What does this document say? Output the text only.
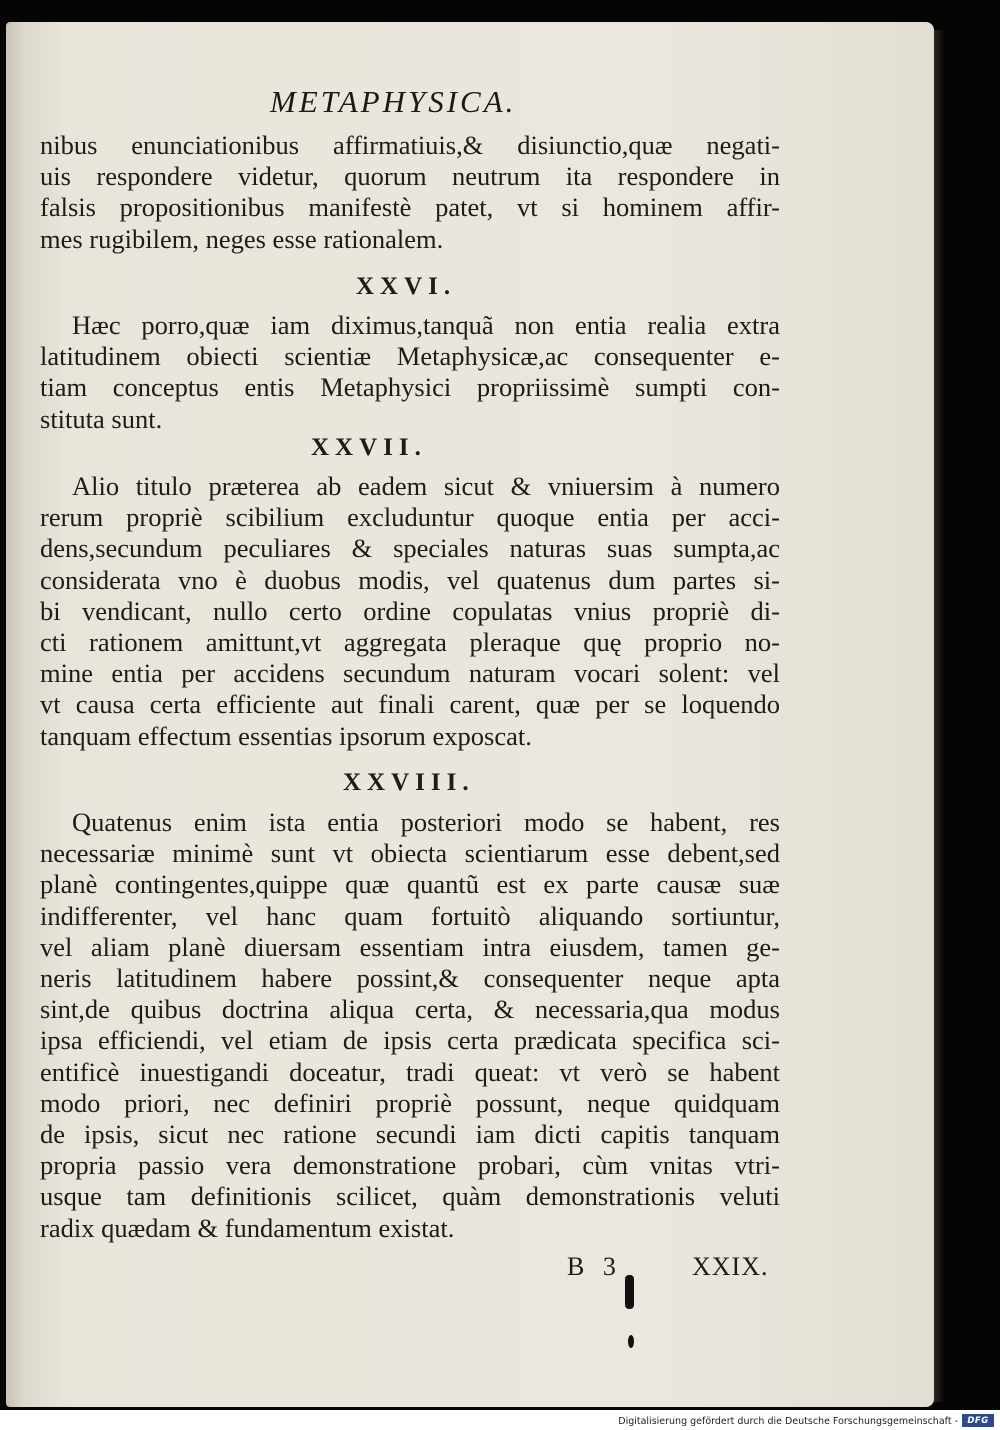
METAPHYSICA.
nibus enunciationibus affirmatiuis,& disiunctio,quæ negati-
uis respondere videtur, quorum neutrum ita respondere in
falsis propositionibus manifestè patet, vt si hominem affir-
mes rugibilem, neges esse rationalem.
XXVI.
Hæc porro,quæ iam diximus,tanquã non entia realia extra
latitudinem obiecti scientiæ Metaphysicæ,ac consequenter e-
tiam conceptus entis Metaphysici propriissimè sumpti con-
stituta sunt.
XXVII.
Alio titulo præterea ab eadem sicut & vniuersim à numero
rerum propriè scibilium excluduntur quoque entia per acci-
dens,secundum peculiares & speciales naturas suas sumpta,ac
considerata vno è duobus modis, vel quatenus dum partes si-
bi vendicant, nullo certo ordine copulatas vnius propriè di-
cti rationem amittunt,vt aggregata pleraque quę proprio no-
mine entia per accidens secundum naturam vocari solent: vel
vt causa certa efficiente aut finali carent, quæ per se loquendo
tanquam effectum essentias ipsorum exposcat.
XXVIII.
Quatenus enim ista entia posteriori modo se habent, res
necessariæ minimè sunt vt obiecta scientiarum esse debent,sed
planè contingentes,quippe quæ quantũ est ex parte causæ suæ
indifferenter, vel hanc quam fortuitò aliquando sortiuntur,
vel aliam planè diuersam essentiam intra eiusdem, tamen ge-
neris latitudinem habere possint,& consequenter neque apta
sint,de quibus doctrina aliqua certa, & necessaria,qua modus
ipsa efficiendi, vel etiam de ipsis certa prædicata specifica sci-
entificè inuestigandi doceatur, tradi queat: vt verò se habent
modo priori, nec definiri propriè possunt, neque quidquam
de ipsis, sicut nec ratione secundi iam dicti capitis tanquam
propria passio vera demonstratione probari, cùm vnitas vtri-
usque tam definitionis scilicet, quàm demonstrationis veluti
radix quædam & fundamentum existat.
B 3	XXIX.
Digitalisierung gefördert durch die Deutsche Forschungsgemeinschaft -	DFG
